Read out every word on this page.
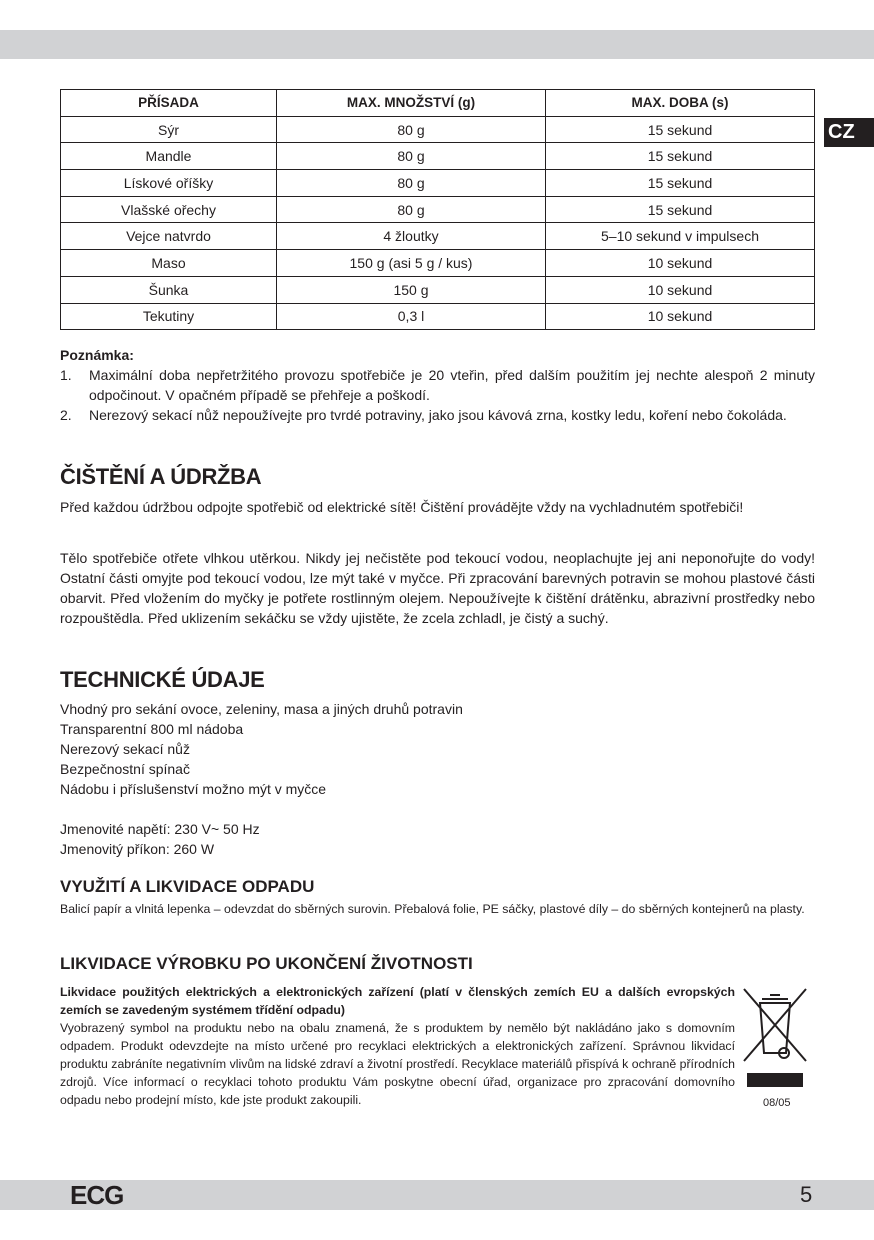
CZ
PŘÍSADA	MAX. MNOŽSTVÍ (g)	MAX. DOBA (s)
Sýr	80 g	15 sekund
Mandle	80 g	15 sekund
Lískové oříšky	80 g	15 sekund
Vlašské ořechy	80 g	15 sekund
Vejce natvrdo	4 žloutky	5–10 sekund v impulsech
Maso	150 g (asi 5 g / kus)	10 sekund
Šunka	150 g	10 sekund
Tekutiny	0,3 l	10 sekund
Poznámka:
1.	Maximální doba nepřetržitého provozu spotřebiče je 20 vteřin, před dalším použitím jej nechte alespoň 2 minuty odpočinout. V opačném případě se přehřeje a poškodí.
2.	Nerezový sekací nůž nepoužívejte pro tvrdé potraviny, jako jsou kávová zrna, kostky ledu, koření nebo čokoláda.
ČIŠTĚNÍ A ÚDRŽBA
Před každou údržbou odpojte spotřebič od elektrické sítě! Čištění provádějte vždy na vychladnutém spotřebiči!
Tělo spotřebiče otřete vlhkou utěrkou. Nikdy jej nečistěte pod tekoucí vodou, neoplachujte jej ani neponořujte do vody! Ostatní části omyjte pod tekoucí vodou, lze mýt také v myčce. Při zpracování barevných potravin se mohou plastové části obarvit. Před vložením do myčky je potřete rostlinným olejem. Nepoužívejte k čištění drátěnku, abrazivní prostředky nebo rozpouštědla. Před uklizením sekáčku se vždy ujistěte, že zcela zchladl, je čistý a suchý.
TECHNICKÉ ÚDAJE
Vhodný pro sekání ovoce, zeleniny, masa a jiných druhů potravin
Transparentní 800 ml nádoba
Nerezový sekací nůž
Bezpečnostní spínač
Nádobu i příslušenství možno mýt v myčce
Jmenovité napětí: 230 V~ 50 Hz
Jmenovitý příkon: 260 W
VYUŽITÍ A LIKVIDACE ODPADU
Balicí papír a vlnitá lepenka – odevzdat do sběrných surovin. Přebalová folie, PE sáčky, plastové díly – do sběrných kontejnerů na plasty.
LIKVIDACE VÝROBKU PO UKONČENÍ ŽIVOTNOSTI
Likvidace použitých elektrických a elektronických zařízení (platí v členských zemích EU a dalších evropských zemích se zavedeným systémem třídění odpadu)
Vyobrazený symbol na produktu nebo na obalu znamená, že s produktem by nemělo být nakládáno jako s domovním odpadem. Produkt odevzdejte na místo určené pro recyklaci elektrických a elektronických zařízení. Správnou likvidací produktu zabráníte negativním vlivům na lidské zdraví a životní prostředí. Recyklace materiálů přispívá k ochraně přírodních zdrojů. Více informací o recyklaci tohoto produktu Vám poskytne obecní úřad, organizace pro zpracování domovního odpadu nebo prodejní místo, kde jste produkt zakoupili.	08/05
ECG	5
